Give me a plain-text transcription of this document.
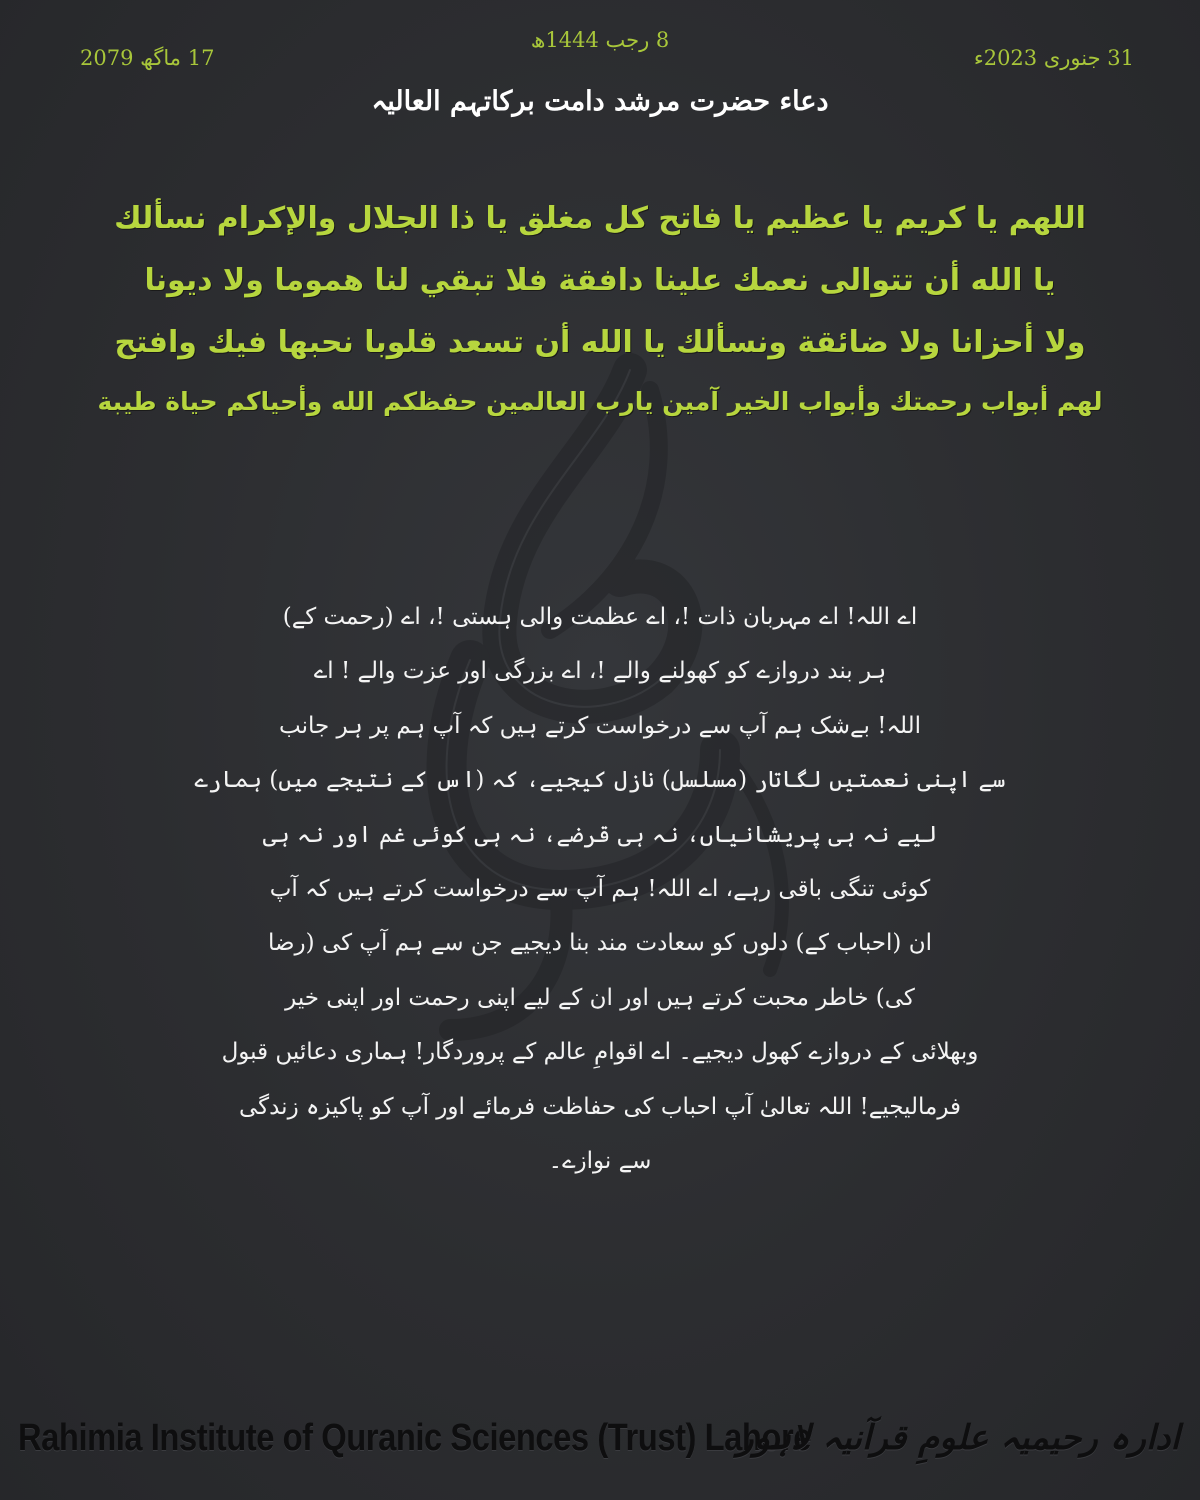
8 رجب 1444ھ
31 جنوری 2023ء
17 ماگھ 2079
دعاء حضرت مرشد دامت برکاتہم العالیہ
اللهم يا كريم يا عظيم يا فاتح كل مغلق يا ذا الجلال والإكرام نسألك
يا الله أن تتوالى نعمك علينا دافقة فلا تبقي لنا هموما ولا ديونا
ولا أحزانا ولا ضائقة ونسألك يا الله أن تسعد قلوبا نحبها فيك وافتح
لهم أبواب رحمتك وأبواب الخير آمين يارب العالمين حفظكم الله وأحياكم حياة طيبة
اے اللہ! اے مہربان ذات !، اے عظمت والی ہستی !، اے (رحمت کے)
ہر بند دروازے کو کھولنے والے !، اے بزرگی اور عزت والے ! اے
اللہ! بےشک ہم آپ سے درخواست کرتے ہیں کہ آپ ہم پر ہر جانب
سے اپنی نعمتیں لگاتار (مسلسل) نازل کیجیے، کہ (اس کے نتیجے میں) ہمارے
لیے نہ ہی پریشانیاں، نہ ہی قرضے، نہ ہی کوئی غم اور نہ ہی
کوئی تنگی باقی رہے، اے اللہ! ہم آپ سے درخواست کرتے ہیں کہ آپ
ان (احباب کے) دلوں کو سعادت مند بنا دیجیے جن سے ہم آپ کی (رضا
کی) خاطر محبت کرتے ہیں اور ان کے لیے اپنی رحمت اور اپنی خیر
وبھلائی کے دروازے کھول دیجیے۔ اے اقوامِ عالم کے پروردگار! ہماری دعائیں قبول
فرمالیجیے! اللہ تعالیٰ آپ احباب کی حفاظت فرمائے اور آپ کو پاکیزہ زندگی
سے نوازے۔
Rahimia Institute of Quranic Sciences (Trust) Lahore
ادارہ رحیمیہ علومِ قرآنیہ لاہور
